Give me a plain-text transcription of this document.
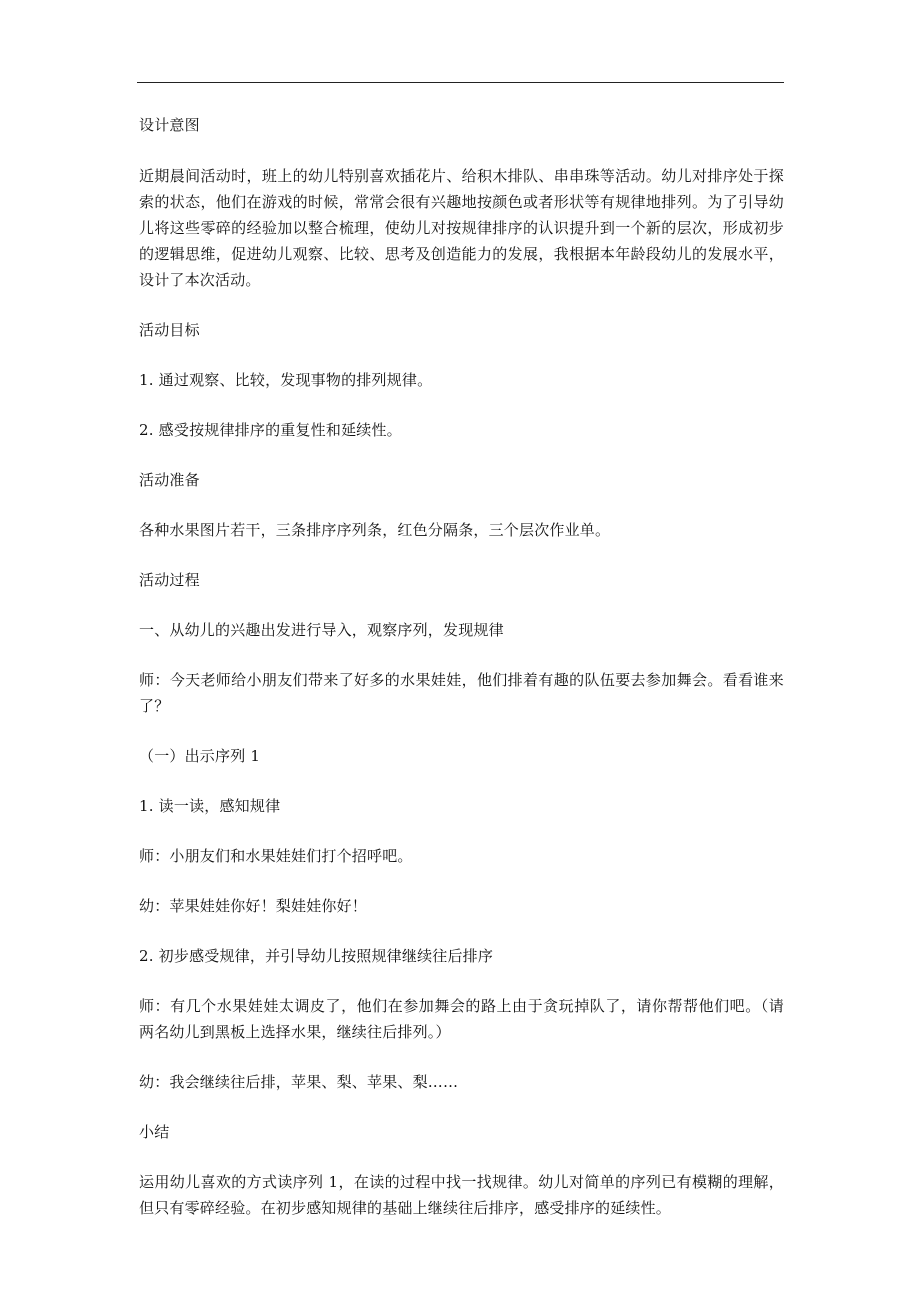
设计意图

近期晨间活动时，班上的幼儿特别喜欢插花片、给积木排队、串串珠等活动。幼儿对排序处于探索的状态，他们在游戏的时候，常常会很有兴趣地按颜色或者形状等有规律地排列。为了引导幼儿将这些零碎的经验加以整合梳理，使幼儿对按规律排序的认识提升到一个新的层次，形成初步的逻辑思维，促进幼儿观察、比较、思考及创造能力的发展，我根据本年龄段幼儿的发展水平，设计了本次活动。

活动目标

1. 通过观察、比较，发现事物的排列规律。

2. 感受按规律排序的重复性和延续性。

活动准备

各种水果图片若干，三条排序序列条，红色分隔条，三个层次作业单。

活动过程

一、从幼儿的兴趣出发进行导入，观察序列，发现规律

师：今天老师给小朋友们带来了好多的水果娃娃，他们排着有趣的队伍要去参加舞会。看看谁来了？

（一）出示序列 1

1. 读一读，感知规律

师：小朋友们和水果娃娃们打个招呼吧。

幼：苹果娃娃你好！梨娃娃你好！

2. 初步感受规律，并引导幼儿按照规律继续往后排序

师：有几个水果娃娃太调皮了，他们在参加舞会的路上由于贪玩掉队了，请你帮帮他们吧。（请两名幼儿到黑板上选择水果，继续往后排列。）

幼：我会继续往后排，苹果、梨、苹果、梨……

小结

运用幼儿喜欢的方式读序列 1，在读的过程中找一找规律。幼儿对简单的序列已有模糊的理解，但只有零碎经验。在初步感知规律的基础上继续往后排序，感受排序的延续性。
